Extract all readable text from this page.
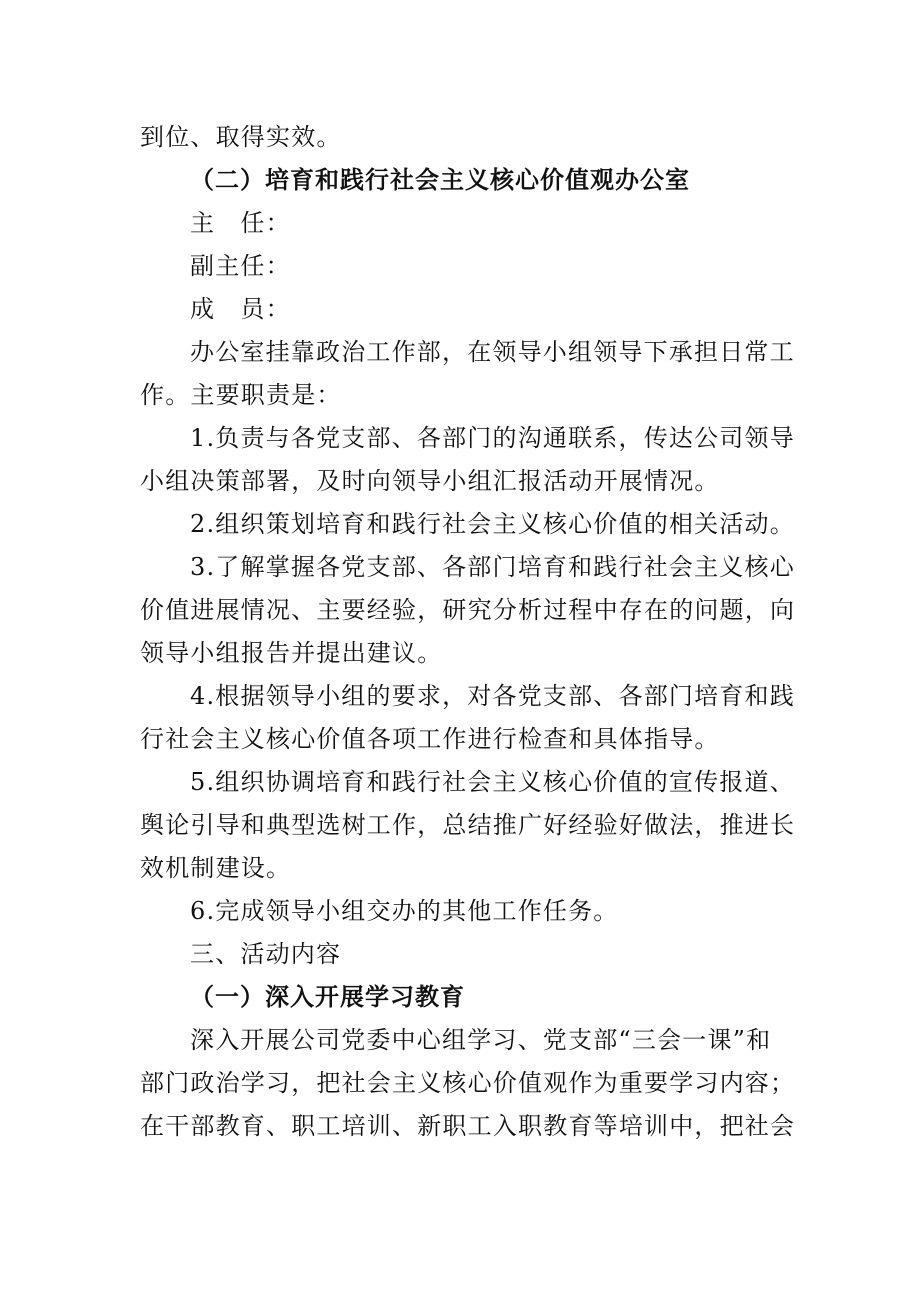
到位、取得实效。
（二）培育和践行社会主义核心价值观办公室
主　任：
副主任：
成　员：
办公室挂靠政治工作部，在领导小组领导下承担日常工
作。主要职责是：
1.负责与各党支部、各部门的沟通联系，传达公司领导
小组决策部署，及时向领导小组汇报活动开展情况。
2.组织策划培育和践行社会主义核心价值的相关活动。
3.了解掌握各党支部、各部门培育和践行社会主义核心
价值进展情况、主要经验，研究分析过程中存在的问题，向
领导小组报告并提出建议。
4.根据领导小组的要求，对各党支部、各部门培育和践
行社会主义核心价值各项工作进行检查和具体指导。
5.组织协调培育和践行社会主义核心价值的宣传报道、
舆论引导和典型选树工作，总结推广好经验好做法，推进长
效机制建设。
6.完成领导小组交办的其他工作任务。
三、活动内容
（一）深入开展学习教育
深入开展公司党委中心组学习、党支部“三会一课”和
部门政治学习，把社会主义核心价值观作为重要学习内容；
在干部教育、职工培训、新职工入职教育等培训中，把社会
